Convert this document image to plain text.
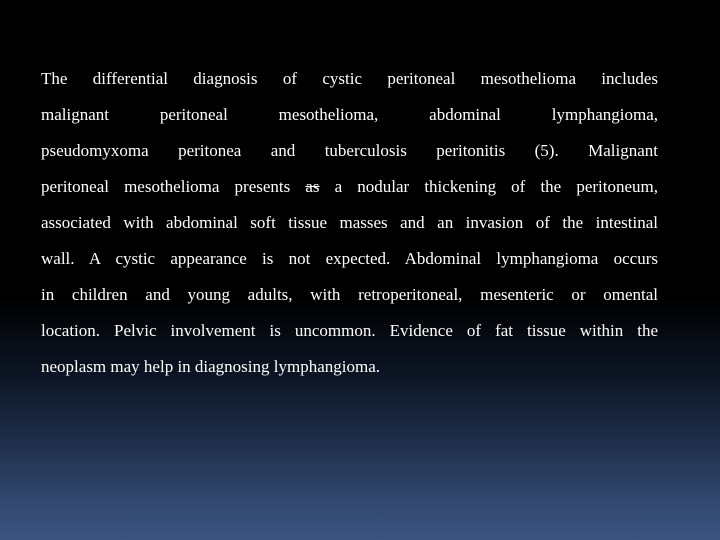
The differential diagnosis of cystic peritoneal mesothelioma includes
malignant peritoneal mesothelioma, abdominal lymphangioma,
pseudomyxoma peritonea and tuberculosis peritonitis (5). Malignant
peritoneal mesothelioma presents as a nodular thickening of the peritoneum,
associated with abdominal soft tissue masses and an invasion of the intestinal
wall. A cystic appearance is not expected. Abdominal lymphangioma occurs
in children and young adults, with retroperitoneal, mesenteric or omental
location. Pelvic involvement is uncommon. Evidence of fat tissue within the
neoplasm may help in diagnosing lymphangioma.
